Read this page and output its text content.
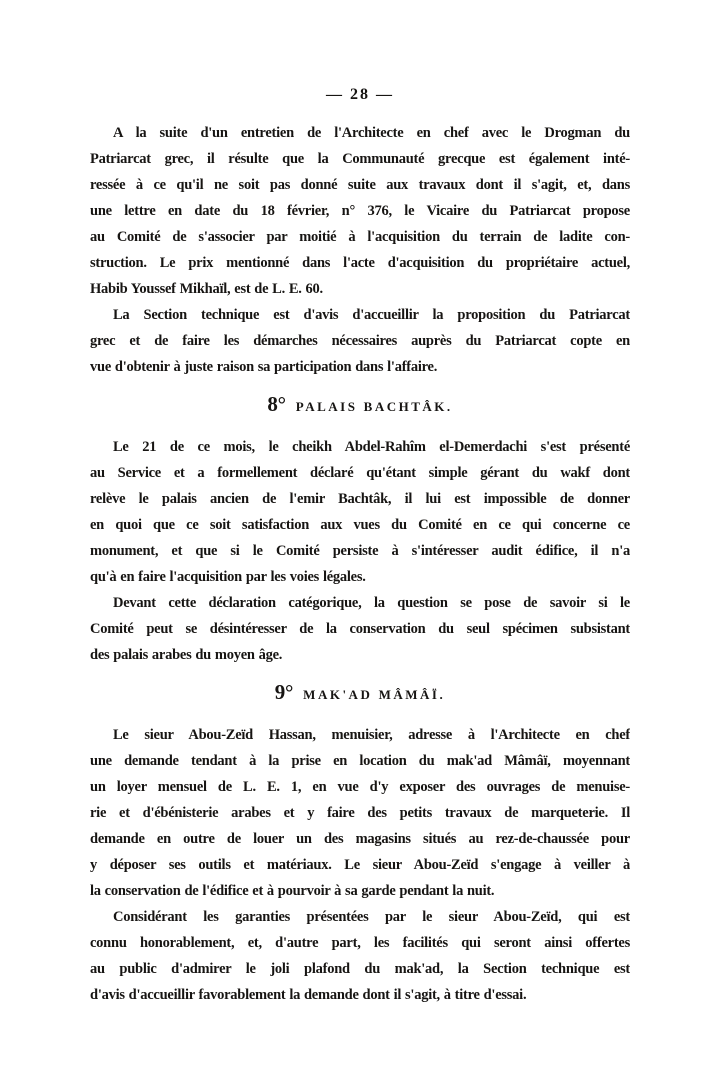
— 28 —
A la suite d'un entretien de l'Architecte en chef avec le Drogman du
Patriarcat grec, il résulte que la Communauté grecque est également inté-
ressée à ce qu'il ne soit pas donné suite aux travaux dont il s'agit, et, dans
une lettre en date du 18 février, n° 376, le Vicaire du Patriarcat propose
au Comité de s'associer par moitié à l'acquisition du terrain de ladite con-
struction. Le prix mentionné dans l'acte d'acquisition du propriétaire actuel,
Habib Youssef Mikhaïl, est de L. E. 60.
La Section technique est d'avis d'accueillir la proposition du Patriarcat
grec et de faire les démarches nécessaires auprès du Patriarcat copte en
vue d'obtenir à juste raison sa participation dans l'affaire.
8° PALAIS BACHTÂK.
Le 21 de ce mois, le cheikh Abdel-Rahîm el-Demerdachi s'est présenté
au Service et a formellement déclaré qu'étant simple gérant du wakf dont
relève le palais ancien de l'emir Bachtâk, il lui est impossible de donner
en quoi que ce soit satisfaction aux vues du Comité en ce qui concerne ce
monument, et que si le Comité persiste à s'intéresser audit édifice, il n'a
qu'à en faire l'acquisition par les voies légales.
Devant cette déclaration catégorique, la question se pose de savoir si le
Comité peut se désintéresser de la conservation du seul spécimen subsistant
des palais arabes du moyen âge.
9° MAK'AD MÂMÂÏ.
Le sieur Abou-Zeïd Hassan, menuisier, adresse à l'Architecte en chef
une demande tendant à la prise en location du mak'ad Mâmâï, moyennant
un loyer mensuel de L. E. 1, en vue d'y exposer des ouvrages de menuise-
rie et d'ébénisterie arabes et y faire des petits travaux de marqueterie. Il
demande en outre de louer un des magasins situés au rez-de-chaussée pour
y déposer ses outils et matériaux. Le sieur Abou-Zeïd s'engage à veiller à
la conservation de l'édifice et à pourvoir à sa garde pendant la nuit.
Considérant les garanties présentées par le sieur Abou-Zeïd, qui est
connu honorablement, et, d'autre part, les facilités qui seront ainsi offertes
au public d'admirer le joli plafond du mak'ad, la Section technique est
d'avis d'accueillir favorablement la demande dont il s'agit, à titre d'essai.
